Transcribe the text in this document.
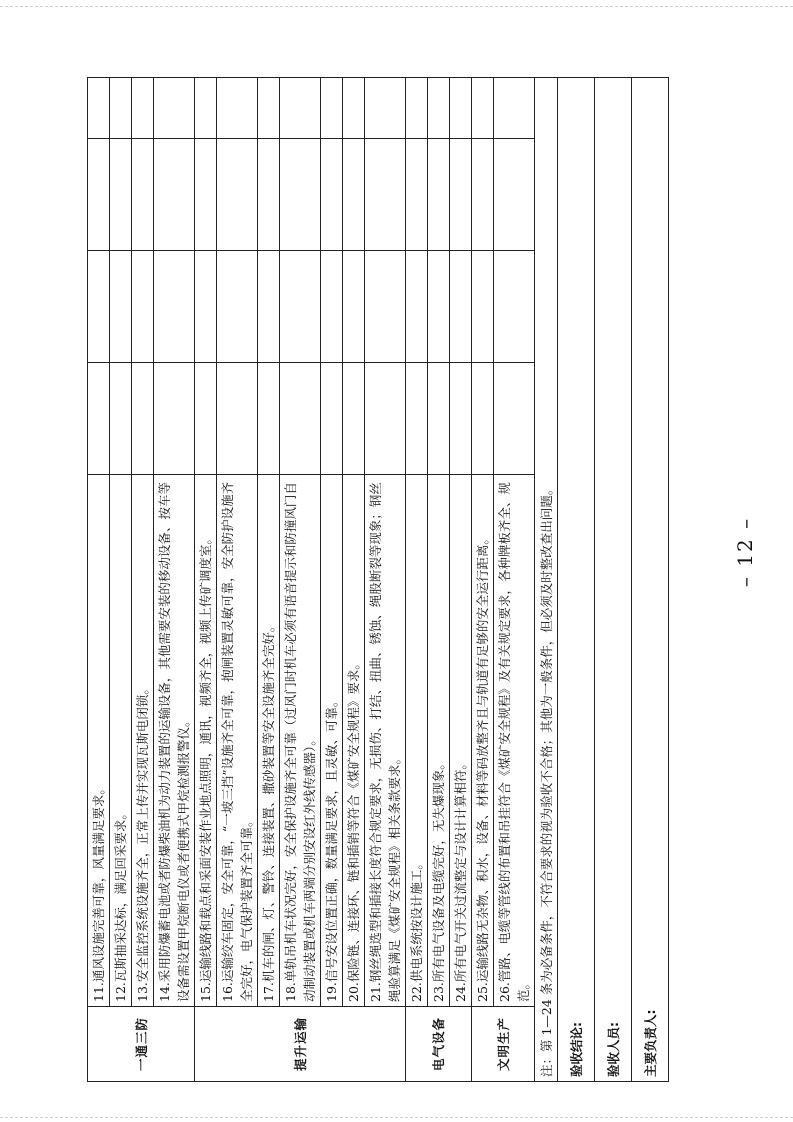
一通三防	11.通风设施完善可靠，风量满足要求。				
	12.瓦斯抽采达标，满足回采要求。				
	13.安全监控系统设施齐全，正常上传并实现瓦斯电闭锁。				
	14.采用防爆蓄电池或者防爆柴油机为动力装置的运输设备，其他需要安装的移动设备、按车等设备需设置甲烷断电仪或者便携式甲烷检测报警仪。				
提升运输	15.运输线路和载点和采面安装作业地点照明，通讯，视频齐全，视频上传矿调度室。				
	16.运输绞车固定，安全可靠，“一坡三挡”设施齐全可靠，抱闸装置灵敏可靠，安全防护设施齐全完好，电气保护装置齐全可靠。				
	17.机车的闸、灯、警铃、连接装置、撒砂装置等安全设施齐全完好。				
	18.单轨吊机车状况完好，安全保护设施齐全可靠（过风门时机车必须有语音提示和防撞风门自动制动装置或机车两端分别安设红外线传感器）。				
	19.信号安设位置正确，数量满足要求，且灵敏、可靠。				
	20.保险链、连接环、链和插销等符合《煤矿安全规程》要求。				
	21.钢丝绳选型和插接长度符合规定要求，无损伤、打结、扭曲、锈蚀、绳股断裂等现象；钢丝绳验算满足《煤矿安全规程》相关条款要求。				
电气设备	22.供电系统按设计施工。				
	23.所有电气设备及电缆完好，无失爆现象。				
	24.所有电气开关过流整定与设计计算相符。				
文明生产	25.运输线路无杂物、积水，设备、材料等码放整齐且与轨道有足够的安全运行距离。				
	26.管路、电缆等管线的布置和吊挂符合《煤矿安全规程》及有关规定要求，各种牌板齐全、规范。				
注：第 1—24 条为必备条件，不符合要求的视为验收不合格；其他为一般条件，但必须及时整改查出问题。					
验收结论:					
验收人员:					
主要负责人:					
– 12 –
